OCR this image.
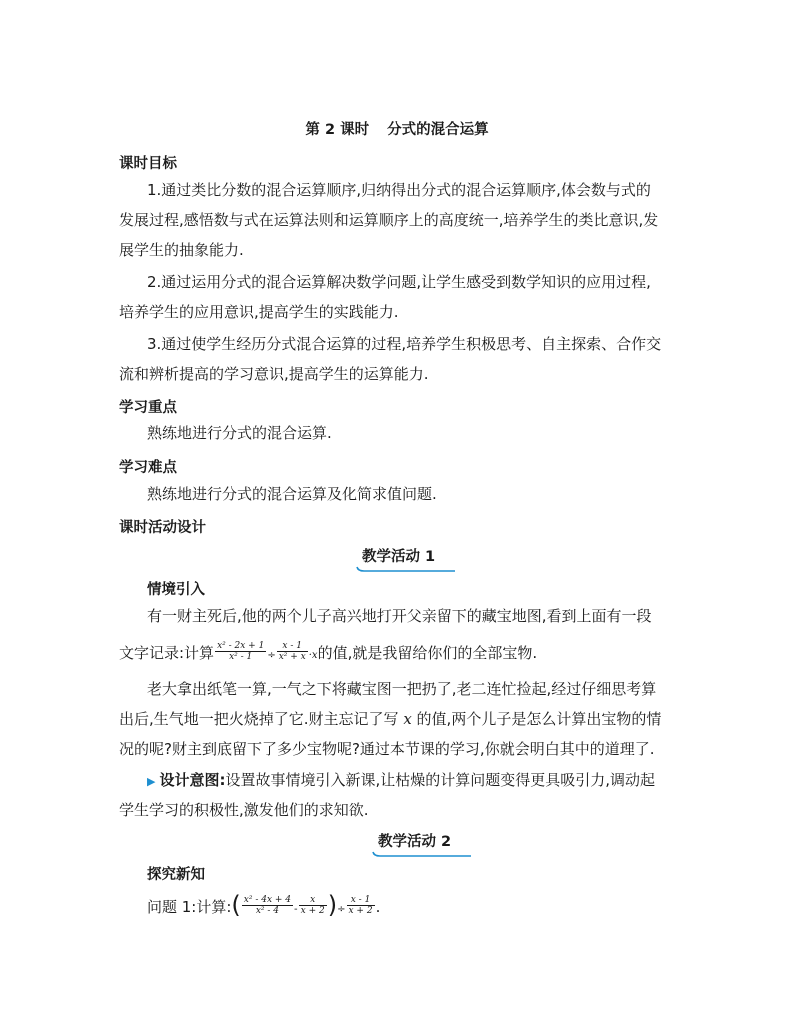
第 2 课时 分式的混合运算
课时目标
1.通过类比分数的混合运算顺序,归纳得出分式的混合运算顺序,体会数与式的
发展过程,感悟数与式在运算法则和运算顺序上的高度统一,培养学生的类比意识,发
展学生的抽象能力.
2.通过运用分式的混合运算解决数学问题,让学生感受到数学知识的应用过程,
培养学生的应用意识,提高学生的实践能力.
3.通过使学生经历分式混合运算的过程,培养学生积极思考、自主探索、合作交
流和辨析提高的学习意识,提高学生的运算能力.
学习重点
熟练地进行分式的混合运算.
学习难点
熟练地进行分式的混合运算及化简求值问题.
课时活动设计
教学活动 1
情境引入
有一财主死后,他的两个儿子高兴地打开父亲留下的藏宝地图,看到上面有一段
文字记录:计算 $\frac{\text{x² - 2x + 1}}{\text{x² - 1}} \div \frac{x - 1}{\text{x² + x}} \cdot x$的值,就是我留给你们的全部宝物.
老大拿出纸笔一算,一气之下将藏宝图一把扔了,老二连忙捡起,经过仔细思考算
出后,生气地一把火烧掉了它.财主忘记了写 x 的值,两个儿子是怎么计算出宝物的情
况的呢?财主到底留下了多少宝物呢?通过本节课的学习,你就会明白其中的道理了.
▶ 设计意图:设置故事情境引入新课,让枯燥的计算问题变得更具吸引力,调动起
学生学习的积极性,激发他们的求知欲.
教学活动 2
探究新知
问题 1:计算:( $\frac{\text{x² - 4x + 4}}{\text{x² - 4}} - \frac{x}{x + 2}$ )÷ $\frac{x - 1}{x + 2}$ .
